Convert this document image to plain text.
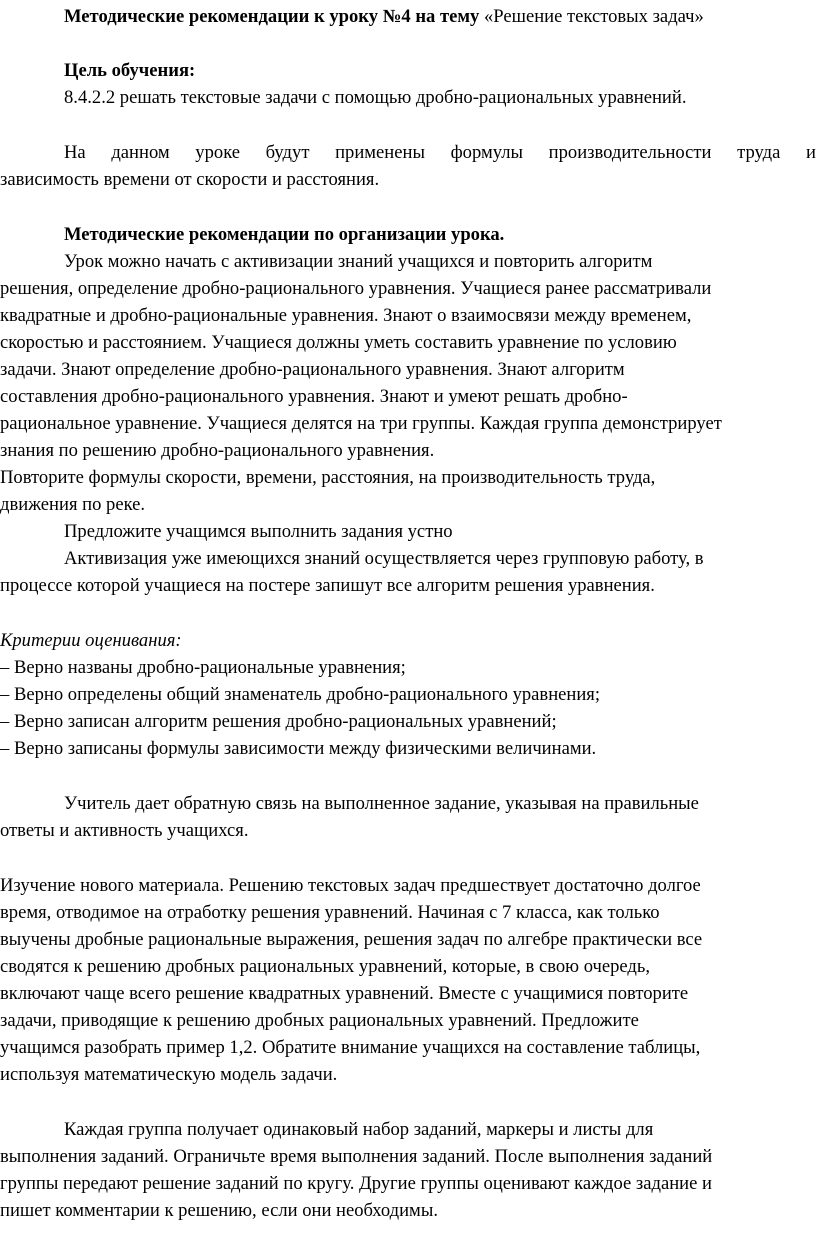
Методические рекомендации к уроку №4 на тему «Решение текстовых задач»
Цель обучения:
8.4.2.2 решать текстовые задачи с помощью дробно-рациональных уравнений.
На данном уроке будут применены формулы производительности труда и
зависимость времени от скорости и расстояния.
Методические рекомендации по организации урока.
Урок можно начать с активизации знаний учащихся и повторить алгоритм
решения, определение дробно-рационального уравнения. Учащиеся ранее рассматривали
квадратные и дробно-рациональные уравнения. Знают о взаимосвязи между временем,
скоростью и расстоянием. Учащиеся должны уметь составить уравнение по условию
задачи. Знают определение дробно-рационального уравнения. Знают алгоритм
составления дробно-рационального уравнения. Знают и умеют решать дробно-
рациональное уравнение. Учащиеся делятся на три группы. Каждая группа демонстрирует
знания по решению дробно-рационального уравнения.
Повторите формулы скорости, времени, расстояния, на производительность труда,
движения по реке.
Предложите учащимся выполнить задания устно
Активизация уже имеющихся знаний осуществляется через групповую работу, в
процессе которой учащиеся на постере запишут все алгоритм решения уравнения.
Критерии оценивания:
– Верно названы дробно-рациональные уравнения;
– Верно определены общий знаменатель дробно-рационального уравнения;
– Верно записан алгоритм решения дробно-рациональных уравнений;
– Верно записаны формулы зависимости между физическими величинами.
Учитель дает обратную связь на выполненное задание, указывая на правильные
ответы и активность учащихся.
Изучение нового материала. Решению текстовых задач предшествует достаточно долгое
время, отводимое на отработку решения уравнений. Начиная с 7 класса, как только
выучены дробные рациональные выражения, решения задач по алгебре практически все
сводятся к решению дробных рациональных уравнений, которые, в свою очередь,
включают чаще всего решение квадратных уравнений. Вместе с учащимися повторите
задачи, приводящие к решению дробных рациональных уравнений. Предложите
учащимся разобрать пример 1,2. Обратите внимание учащихся на составление таблицы,
используя математическую модель задачи.
Каждая группа получает одинаковый набор заданий, маркеры и листы для
выполнения заданий. Ограничьте время выполнения заданий. После выполнения заданий
группы передают решение заданий по кругу. Другие группы оценивают каждое задание и
пишет комментарии к решению, если они необходимы.
